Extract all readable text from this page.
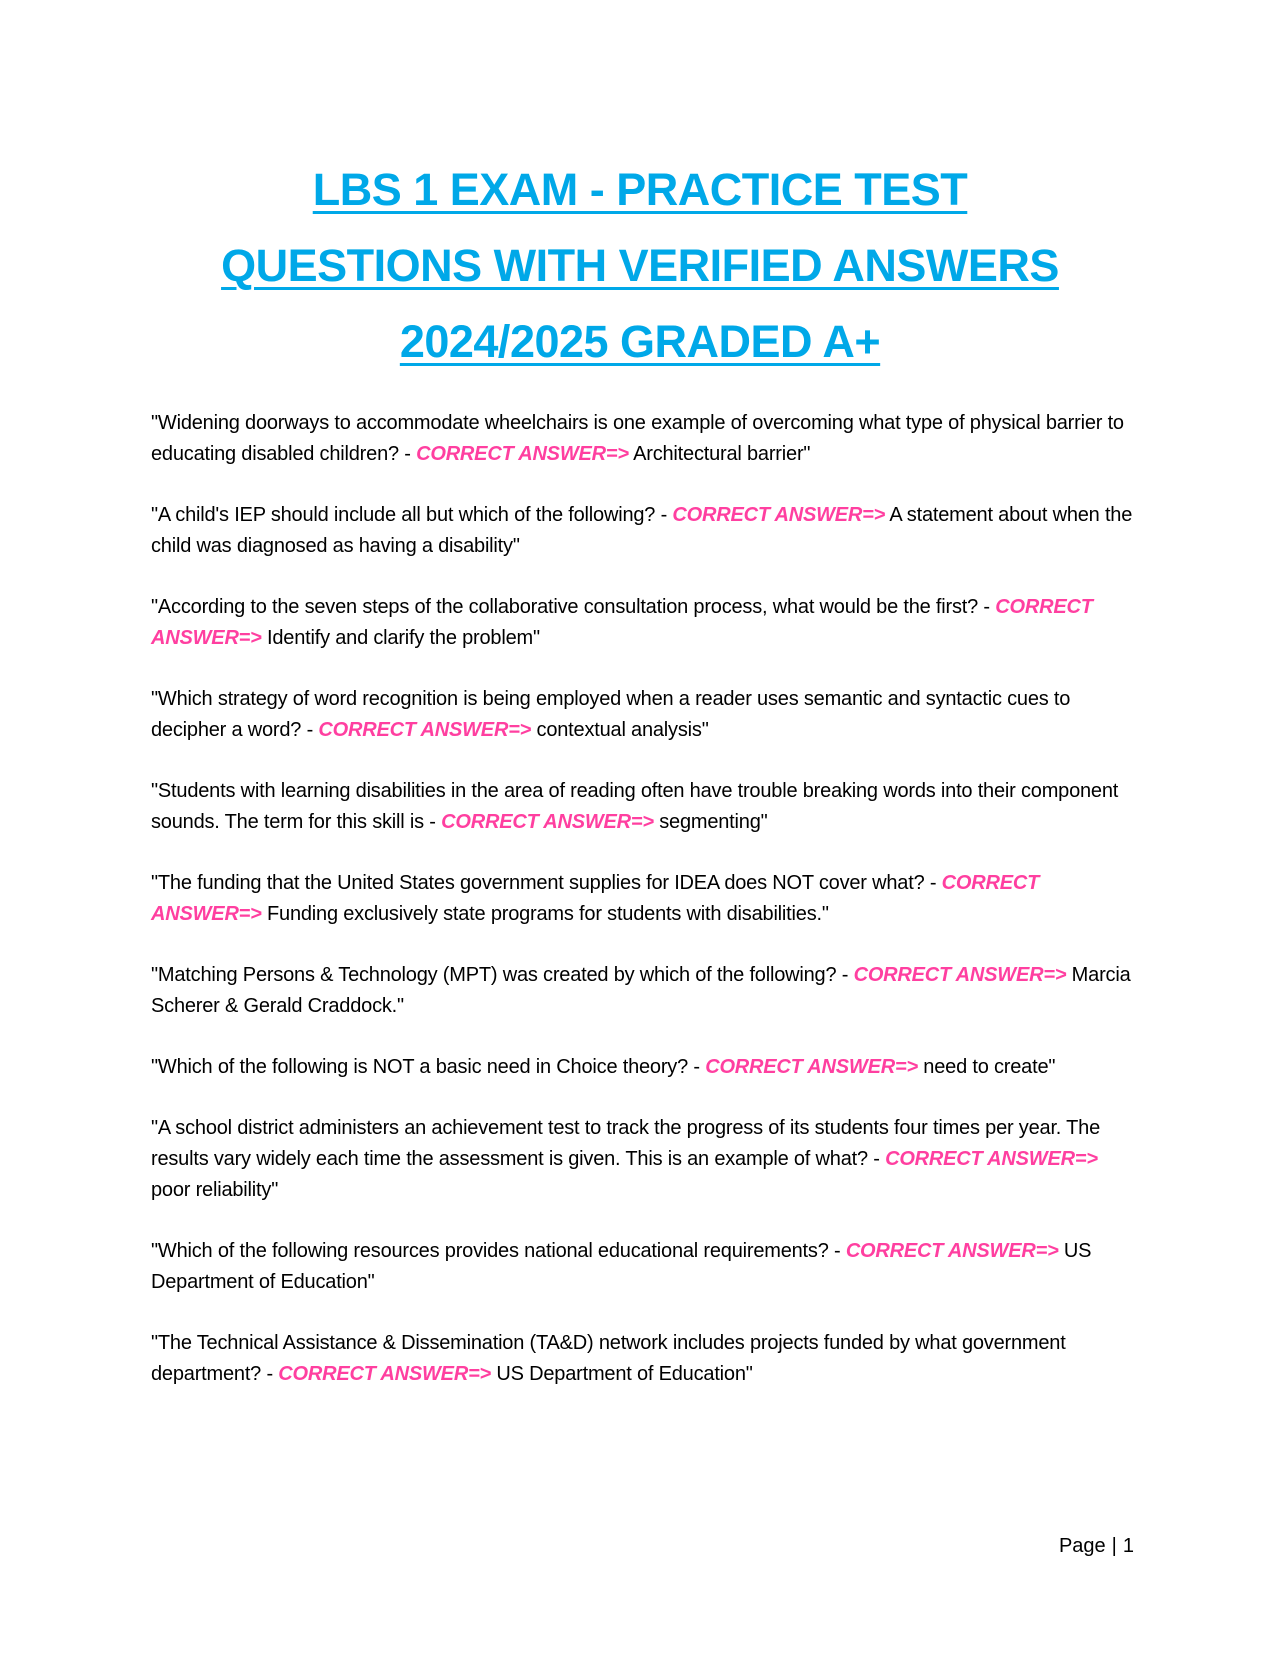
LBS 1 EXAM - PRACTICE TEST
QUESTIONS WITH VERIFIED ANSWERS
2024/2025 GRADED A+
"Widening doorways to accommodate wheelchairs is one example of overcoming what type of physical barrier to educating disabled children? - CORRECT ANSWER=> Architectural barrier"
"A child's IEP should include all but which of the following? - CORRECT ANSWER=> A statement about when the child was diagnosed as having a disability"
"According to the seven steps of the collaborative consultation process, what would be the first? - CORRECT ANSWER=> Identify and clarify the problem"
"Which strategy of word recognition is being employed when a reader uses semantic and syntactic cues to decipher a word? - CORRECT ANSWER=> contextual analysis"
"Students with learning disabilities in the area of reading often have trouble breaking words into their component sounds. The term for this skill is - CORRECT ANSWER=> segmenting"
"The funding that the United States government supplies for IDEA does NOT cover what? - CORRECT ANSWER=> Funding exclusively state programs for students with disabilities."
"Matching Persons & Technology (MPT) was created by which of the following? - CORRECT ANSWER=> Marcia Scherer & Gerald Craddock."
"Which of the following is NOT a basic need in Choice theory? - CORRECT ANSWER=> need to create"
"A school district administers an achievement test to track the progress of its students four times per year. The results vary widely each time the assessment is given. This is an example of what? - CORRECT ANSWER=> poor reliability"
"Which of the following resources provides national educational requirements? - CORRECT ANSWER=> US Department of Education"
"The Technical Assistance & Dissemination (TA&D) network includes projects funded by what government department? - CORRECT ANSWER=> US Department of Education"
Page | 1
